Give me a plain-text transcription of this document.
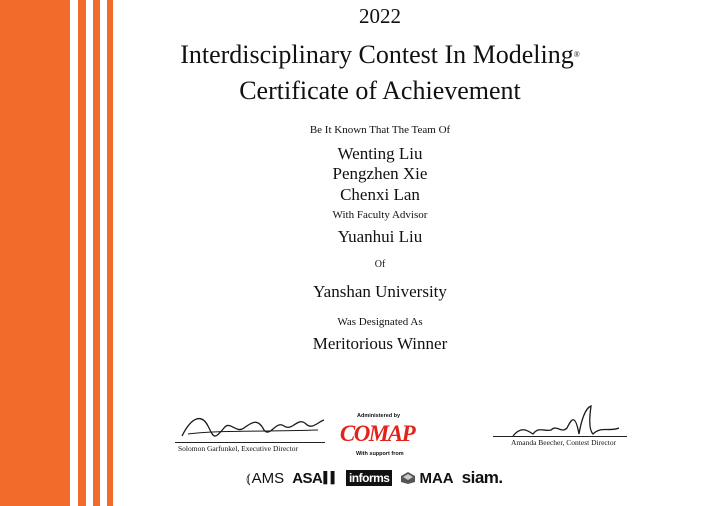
2022
Interdisciplinary Contest In Modeling®
Certificate of Achievement
Be It Known That The Team Of
Wenting Liu
Pengzhen Xie
Chenxi Lan
With Faculty Advisor
Yuanhui Liu
Of
Yanshan University
Was Designated As
Meritorious Winner
Solomon Garfunkel, Executive Director
Administered by
COMAP
With support from
Amanda Beecher, Contest Director
⦅ AMS ASA ▌▌ informs MAA siam.
